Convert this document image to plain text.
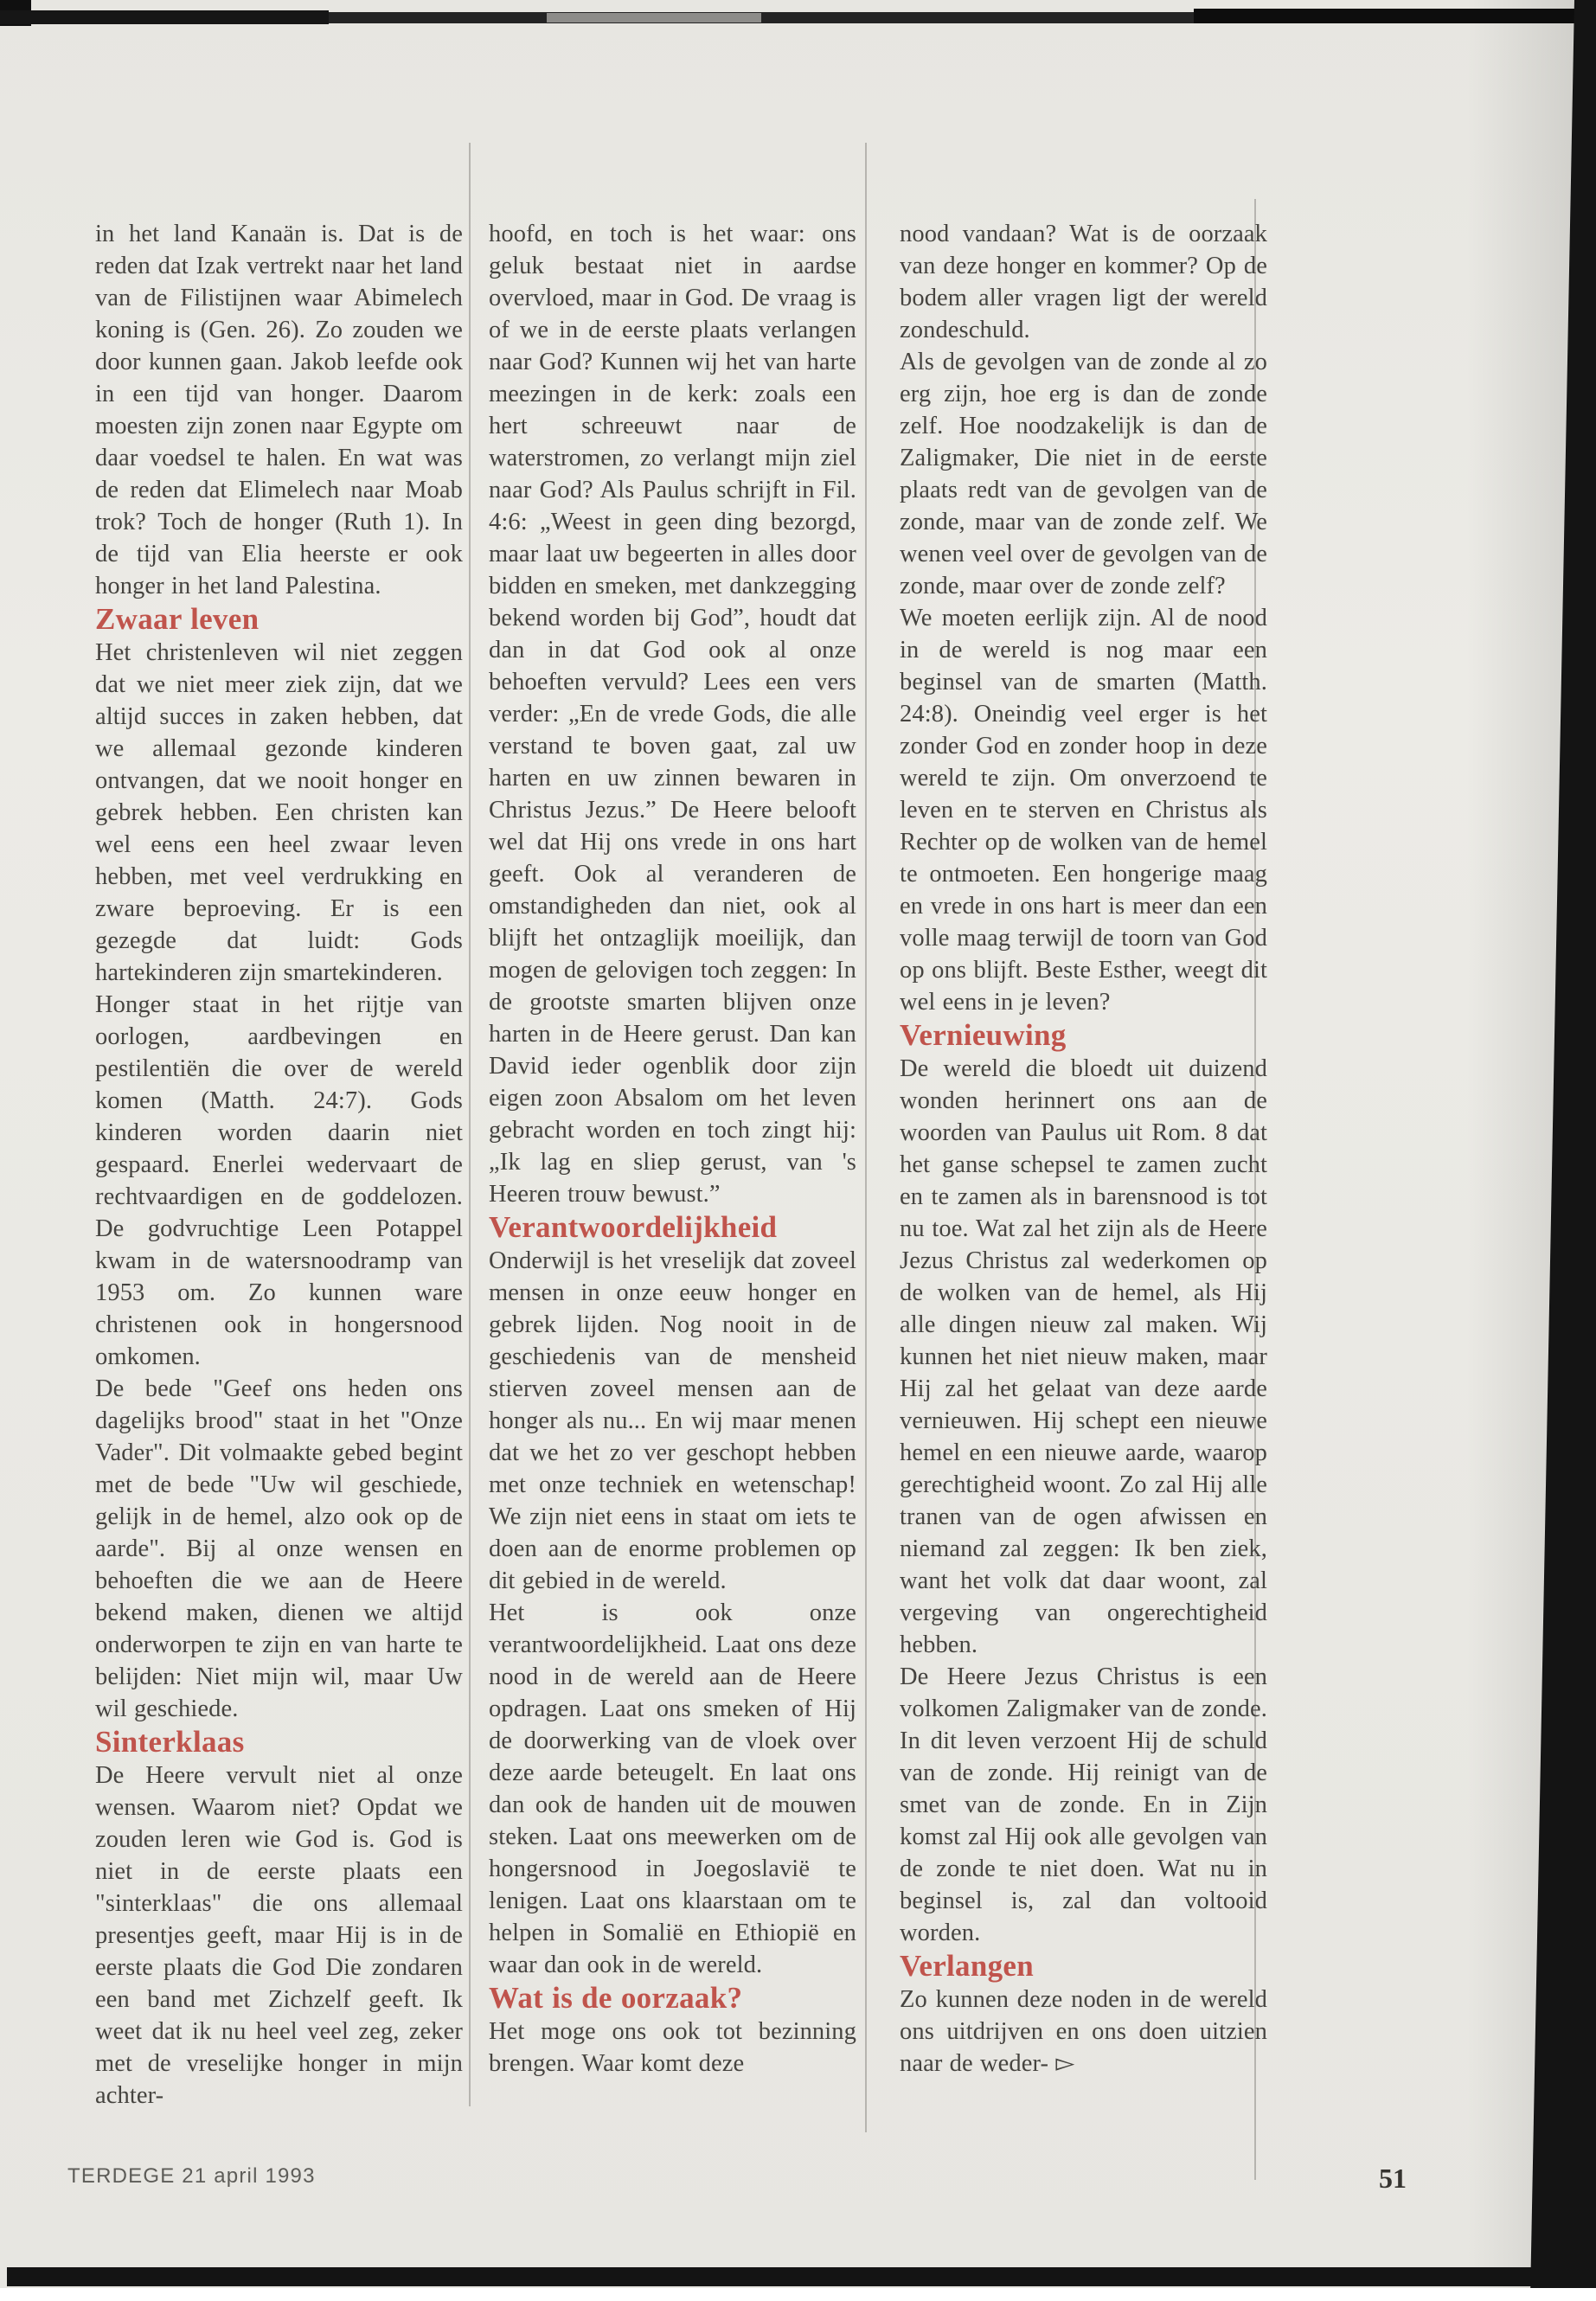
in het land Kanaän is. Dat is de reden dat Izak vertrekt naar het land van de Filistijnen waar Abimelech koning is (Gen. 26). Zo zouden we door kunnen gaan. Jakob leefde ook in een tijd van honger. Daarom moesten zijn zonen naar Egypte om daar voedsel te halen. En wat was de reden dat Elimelech naar Moab trok? Toch de honger (Ruth 1). In de tijd van Elia heerste er ook honger in het land Palestina.

Zwaar leven

Het christenleven wil niet zeggen dat we niet meer ziek zijn, dat we altijd succes in zaken hebben, dat we allemaal gezonde kinderen ontvangen, dat we nooit honger en gebrek hebben. Een christen kan wel eens een heel zwaar leven hebben, met veel verdrukking en zware beproeving. Er is een gezegde dat luidt: Gods hartekinderen zijn smartekinderen.

Honger staat in het rijtje van oorlogen, aardbevingen en pestilentiën die over de wereld komen (Matth. 24:7). Gods kinderen worden daarin niet gespaard. Enerlei wedervaart de rechtvaardigen en de goddelozen. De godvruchtige Leen Potappel kwam in de watersnoodramp van 1953 om. Zo kunnen ware christenen ook in hongersnood omkomen.

De bede "Geef ons heden ons dagelijks brood" staat in het "Onze Vader". Dit volmaakte gebed begint met de bede "Uw wil geschiede, gelijk in de hemel, alzo ook op de aarde". Bij al onze wensen en behoeften die we aan de Heere bekend maken, dienen we altijd onderworpen te zijn en van harte te belijden: Niet mijn wil, maar Uw wil geschiede.

Sinterklaas

De Heere vervult niet al onze wensen. Waarom niet? Opdat we zouden leren wie God is. God is niet in de eerste plaats een "sinterklaas" die ons allemaal presentjes geeft, maar Hij is in de eerste plaats die God Die zondaren een band met Zichzelf geeft. Ik weet dat ik nu heel veel zeg, zeker met de vreselijke honger in mijn achter-

hoofd, en toch is het waar: ons geluk bestaat niet in aardse overvloed, maar in God. De vraag is of we in de eerste plaats verlangen naar God? Kunnen wij het van harte meezingen in de kerk: zoals een hert schreeuwt naar de waterstromen, zo verlangt mijn ziel naar God? Als Paulus schrijft in Fil. 4:6: „Weest in geen ding bezorgd, maar laat uw begeerten in alles door bidden en smeken, met dankzegging bekend worden bij God”, houdt dat dan in dat God ook al onze behoeften vervuld? Lees een vers verder: „En de vrede Gods, die alle verstand te boven gaat, zal uw harten en uw zinnen bewaren in Christus Jezus.” De Heere belooft wel dat Hij ons vrede in ons hart geeft. Ook al veranderen de omstandigheden dan niet, ook al blijft het ontzaglijk moeilijk, dan mogen de gelovigen toch zeggen: In de grootste smarten blijven onze harten in de Heere gerust. Dan kan David ieder ogenblik door zijn eigen zoon Absalom om het leven gebracht worden en toch zingt hij: „Ik lag en sliep gerust, van 's Heeren trouw bewust.”

Verantwoordelijkheid

Onderwijl is het vreselijk dat zoveel mensen in onze eeuw honger en gebrek lijden. Nog nooit in de geschiedenis van de mensheid stierven zoveel mensen aan de honger als nu... En wij maar menen dat we het zo ver geschopt hebben met onze techniek en wetenschap! We zijn niet eens in staat om iets te doen aan de enorme problemen op dit gebied in de wereld.

Het is ook onze verantwoordelijkheid. Laat ons deze nood in de wereld aan de Heere opdragen. Laat ons smeken of Hij de doorwerking van de vloek over deze aarde beteugelt. En laat ons dan ook de handen uit de mouwen steken. Laat ons meewerken om de hongersnood in Joegoslavië te lenigen. Laat ons klaarstaan om te helpen in Somalië en Ethiopië en waar dan ook in de wereld.

Wat is de oorzaak?

Het moge ons ook tot bezinning brengen. Waar komt deze

nood vandaan? Wat is de oorzaak van deze honger en kommer? Op de bodem aller vragen ligt der wereld zondeschuld.

Als de gevolgen van de zonde al zo erg zijn, hoe erg is dan de zonde zelf. Hoe noodzakelijk is dan de Zaligmaker, Die niet in de eerste plaats redt van de gevolgen van de zonde, maar van de zonde zelf. We wenen veel over de gevolgen van de zonde, maar over de zonde zelf?

We moeten eerlijk zijn. Al de nood in de wereld is nog maar een beginsel van de smarten (Matth. 24:8). Oneindig veel erger is het zonder God en zonder hoop in deze wereld te zijn. Om onverzoend te leven en te sterven en Christus als Rechter op de wolken van de hemel te ontmoeten. Een hongerige maag en vrede in ons hart is meer dan een volle maag terwijl de toorn van God op ons blijft. Beste Esther, weegt dit wel eens in je leven?

Vernieuwing

De wereld die bloedt uit duizend wonden herinnert ons aan de woorden van Paulus uit Rom. 8 dat het ganse schepsel te zamen zucht en te zamen als in barensnood is tot nu toe. Wat zal het zijn als de Heere Jezus Christus zal wederkomen op de wolken van de hemel, als Hij alle dingen nieuw zal maken. Wij kunnen het niet nieuw maken, maar Hij zal het gelaat van deze aarde vernieuwen. Hij schept een nieuwe hemel en een nieuwe aarde, waarop gerechtigheid woont. Zo zal Hij alle tranen van de ogen afwissen en niemand zal zeggen: Ik ben ziek, want het volk dat daar woont, zal vergeving van ongerechtigheid hebben.

De Heere Jezus Christus is een volkomen Zaligmaker van de zonde. In dit leven verzoent Hij de schuld van de zonde. Hij reinigt van de smet van de zonde. En in Zijn komst zal Hij ook alle gevolgen van de zonde te niet doen. Wat nu in beginsel is, zal dan voltooid worden.

Verlangen

Zo kunnen deze noden in de wereld ons uitdrijven en ons doen uitzien naar de weder- ▻

TERDEGE 21 april 1993	51
